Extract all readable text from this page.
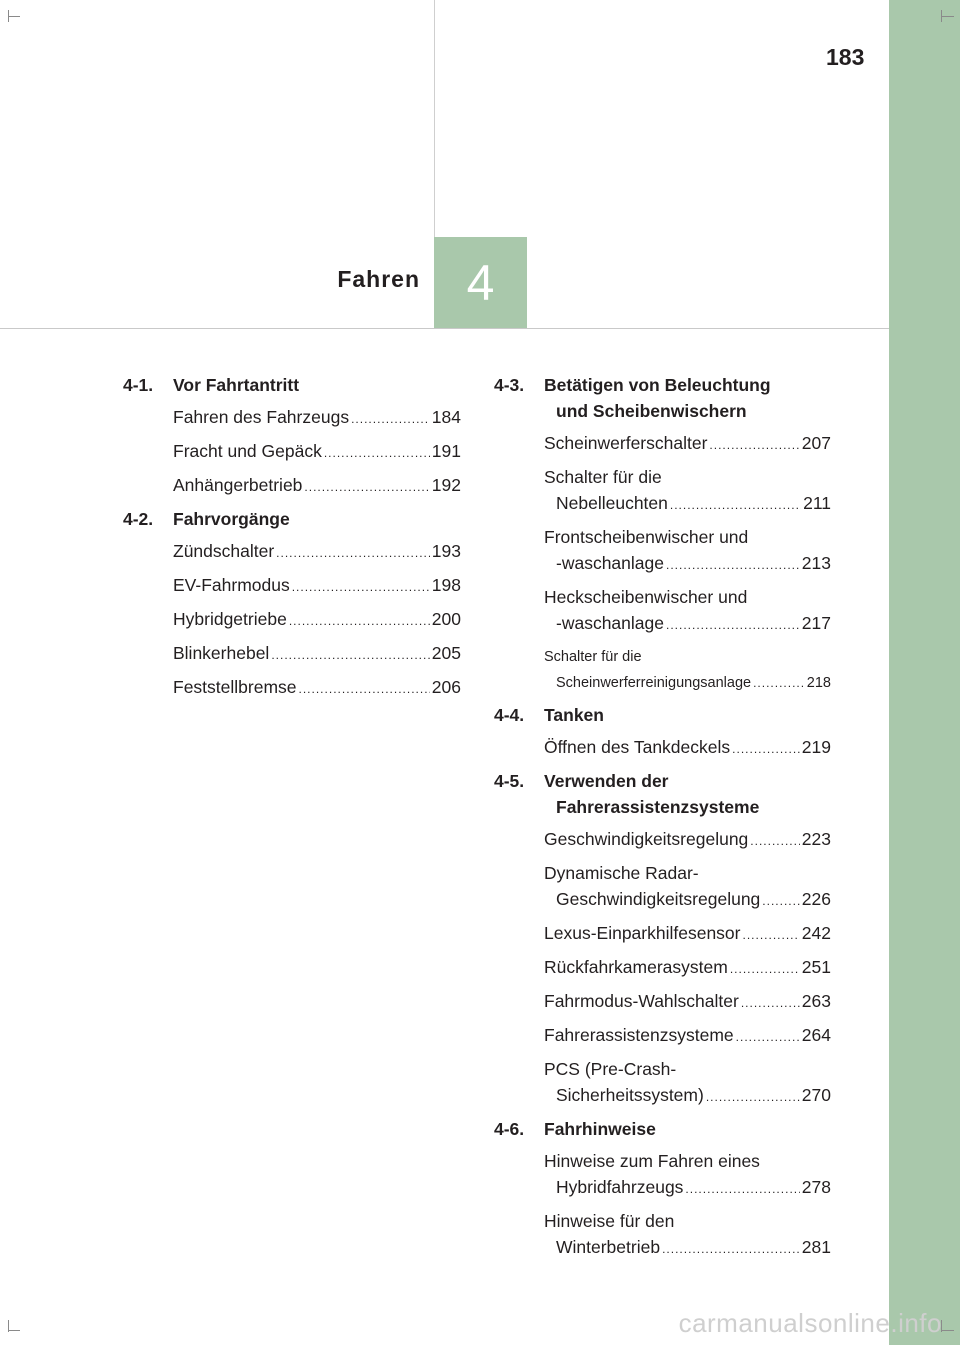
183
Fahren 4
4-1.	Vor Fahrtantritt
Fahren des Fahrzeugs .....	184
Fracht und Gepäck .....	191
Anhängerbetrieb .....	192
4-2.	Fahrvorgänge
Zündschalter .....	193
EV-Fahrmodus .....	198
Hybridgetriebe .....	200
Blinkerhebel .....	205
Feststellbremse .....	206
4-3.	Betätigen von Beleuchtung
und Scheibenwischern
Scheinwerferschalter .....	207
Schalter für die
Nebelleuchten .....	211
Frontscheibenwischer und
-waschanlage .....	213
Heckscheibenwischer und
-waschanlage .....	217
Schalter für die
Scheinwerferreinigungsanlage .....	218
4-4.	Tanken
Öffnen des Tankdeckels .....	219
4-5.	Verwenden der
Fahrerassistenzsysteme
Geschwindigkeitsregelung .....	223
Dynamische Radar-
Geschwindigkeitsregelung ..... 226
Lexus-Einparkhilfesensor .....	242
Rückfahrkamerasystem .....	251
Fahrmodus-Wahlschalter .....	263
Fahrerassistenzsysteme .....	264
PCS (Pre-Crash-
Sicherheitssystem) .....	270
4-6.	Fahrhinweise
Hinweise zum Fahren eines
Hybridfahrzeugs .....	278
Hinweise für den
Winterbetrieb .....	281
carmanualsonline.info
